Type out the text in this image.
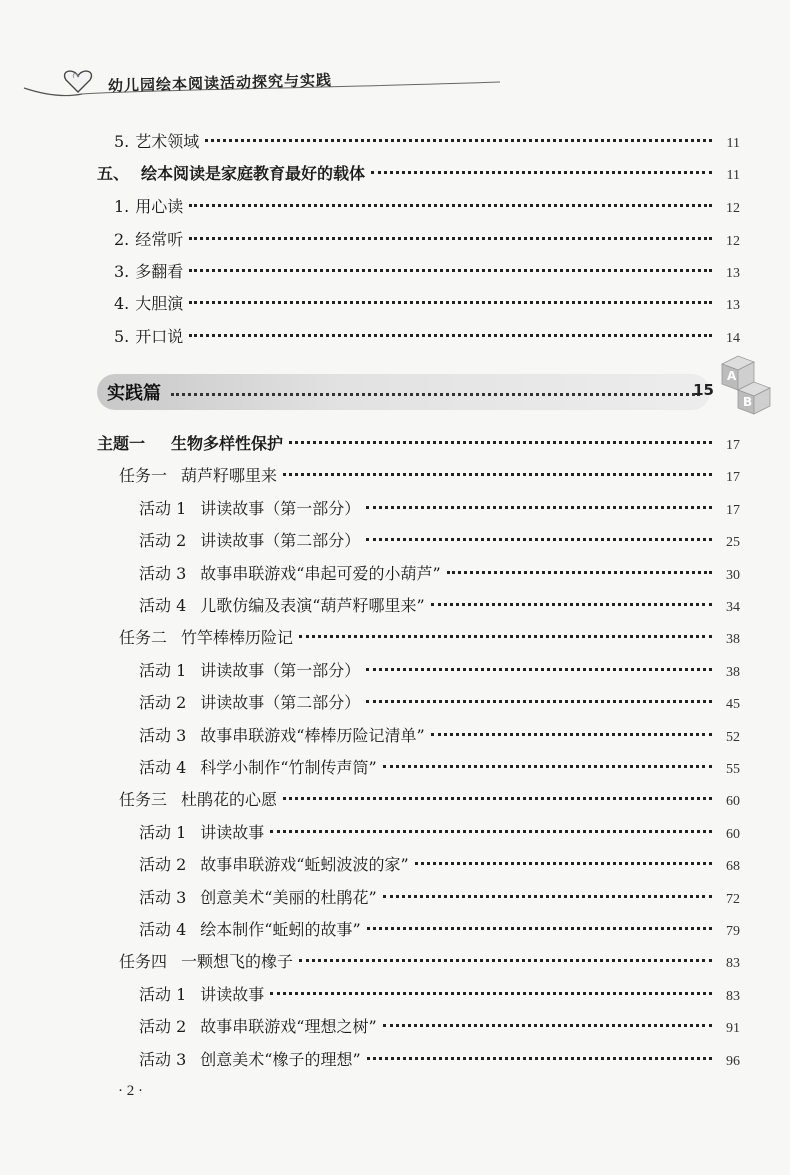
幼儿园绘本阅读活动探究与实践
5. 艺术领域	11
五、 绘本阅读是家庭教育最好的载体	11
1. 用心读	12
2. 经常听	12
3. 多翻看	13
4. 大胆演	13
5. 开口说	14
实践篇	15
A
B
主题一 生物多样性保护	17
任务一 葫芦籽哪里来	17
活动 1 讲读故事（第一部分）	17
活动 2 讲读故事（第二部分）	25
活动 3 故事串联游戏“串起可爱的小葫芦”	30
活动 4 儿歌仿编及表演“葫芦籽哪里来”	34
任务二 竹竿棒棒历险记	38
活动 1 讲读故事（第一部分）	38
活动 2 讲读故事（第二部分）	45
活动 3 故事串联游戏“棒棒历险记清单”	52
活动 4 科学小制作“竹制传声筒”	55
任务三 杜鹃花的心愿	60
活动 1 讲读故事	60
活动 2 故事串联游戏“蚯蚓波波的家”	68
活动 3 创意美术“美丽的杜鹃花”	72
活动 4 绘本制作“蚯蚓的故事”	79
任务四 一颗想飞的橡子	83
活动 1 讲读故事	83
活动 2 故事串联游戏“理想之树”	91
活动 3 创意美术“橡子的理想”	96
· 2 ·
